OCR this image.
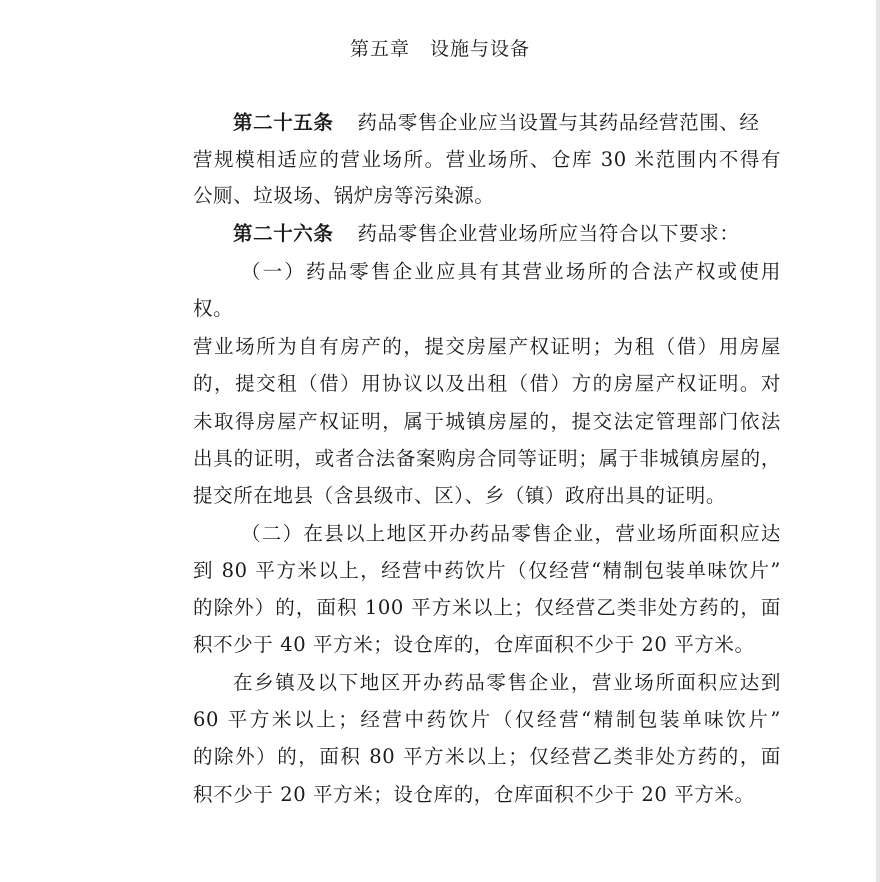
第五章　设施与设备
第二十五条 药品零售企业应当设置与其药品经营范围、经
营规模相适应的营业场所。营业场所、仓库 30 米范围内不得有
公厕、垃圾场、锅炉房等污染源。
第二十六条 药品零售企业营业场所应当符合以下要求：
（一）药品零售企业应具有其营业场所的合法产权或使用
权。
营业场所为自有房产的，提交房屋产权证明；为租（借）用房屋
的，提交租（借）用协议以及出租（借）方的房屋产权证明。对
未取得房屋产权证明，属于城镇房屋的，提交法定管理部门依法
出具的证明，或者合法备案购房合同等证明；属于非城镇房屋的，
提交所在地县（含县级市、区）、乡（镇）政府出具的证明。
（二）在县以上地区开办药品零售企业，营业场所面积应达
到 80 平方米以上，经营中药饮片（仅经营“精制包装单味饮片”
的除外）的，面积 100 平方米以上；仅经营乙类非处方药的，面
积不少于 40 平方米；设仓库的，仓库面积不少于 20 平方米。
在乡镇及以下地区开办药品零售企业，营业场所面积应达到
60 平方米以上；经营中药饮片（仅经营“精制包装单味饮片”
的除外）的，面积 80 平方米以上；仅经营乙类非处方药的，面
积不少于 20 平方米；设仓库的，仓库面积不少于 20 平方米。
